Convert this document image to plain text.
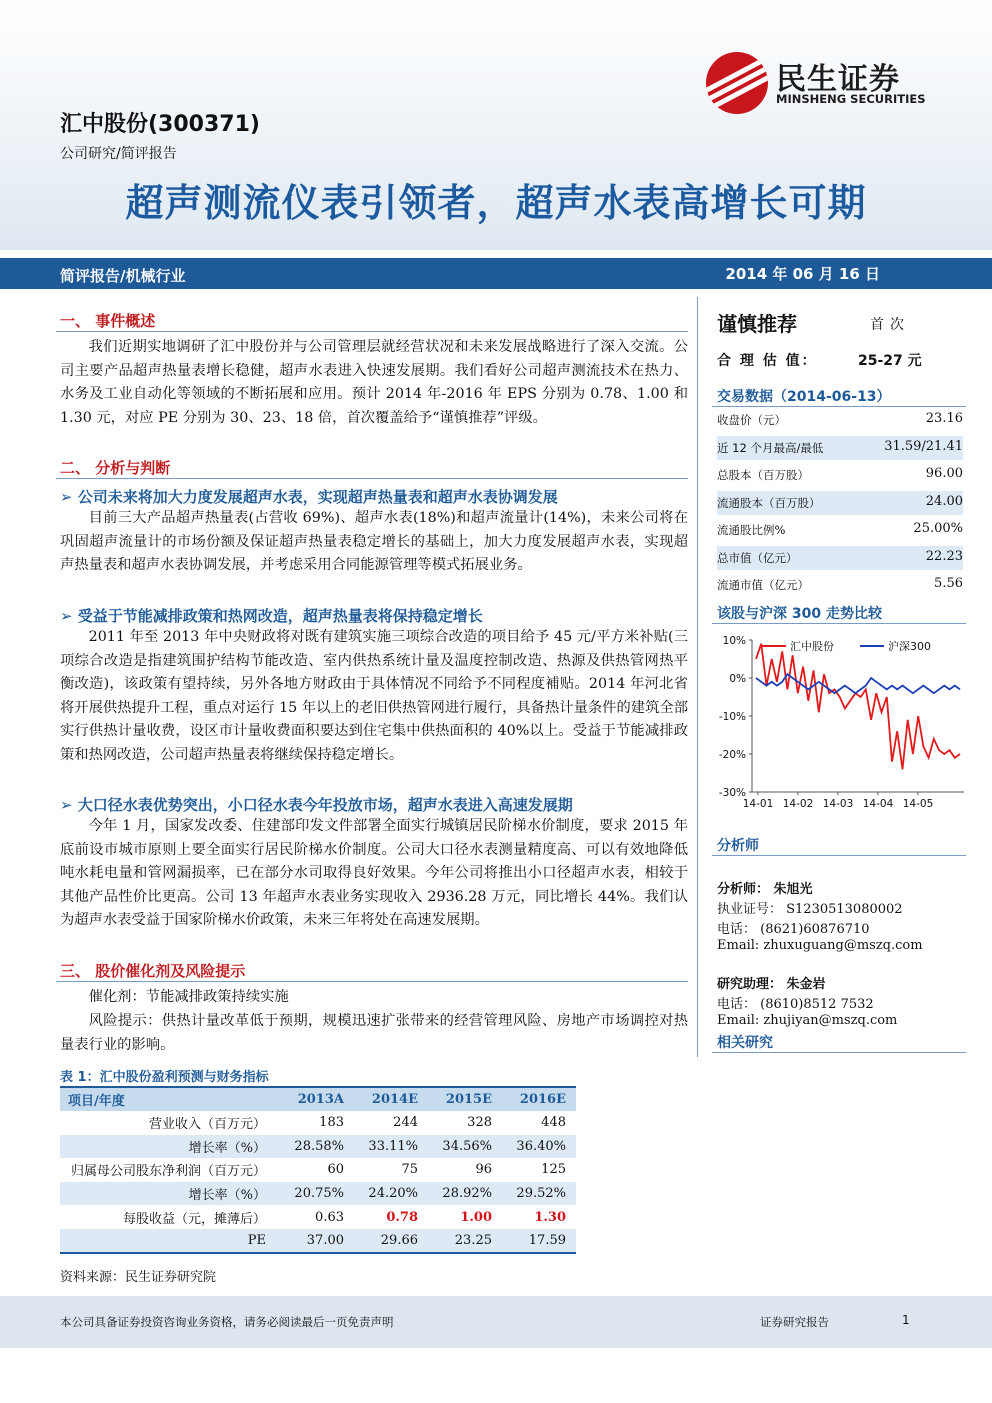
民生证券
MINSHENG SECURITIES
汇中股份(300371)
公司研究/简评报告
超声测流仪表引领者，超声水表高增长可期
简评报告/机械行业	2014 年 06 月 16 日
一、 事件概述
我们近期实地调研了汇中股份并与公司管理层就经营状况和未来发展战略进行了深入交流。公司主要产品超声热量表增长稳健，超声水表进入快速发展期。我们看好公司超声测流技术在热力、水务及工业自动化等领域的不断拓展和应用。预计 2014 年-2016 年 EPS 分别为 0.78、1.00 和 1.30 元，对应 PE 分别为 30、23、18 倍，首次覆盖给予“谨慎推荐”评级。
二、 分析与判断
➢ 公司未来将加大力度发展超声水表，实现超声热量表和超声水表协调发展
目前三大产品超声热量表(占营收 69%)、超声水表(18%)和超声流量计(14%)，未来公司将在巩固超声流量计的市场份额及保证超声热量表稳定增长的基础上，加大力度发展超声水表，实现超声热量表和超声水表协调发展，并考虑采用合同能源管理等模式拓展业务。
➢ 受益于节能减排政策和热网改造，超声热量表将保持稳定增长
2011 年至 2013 年中央财政将对既有建筑实施三项综合改造的项目给予 45 元/平方米补贴(三项综合改造是指建筑围护结构节能改造、室内供热系统计量及温度控制改造、热源及供热管网热平衡改造)，该政策有望持续，另外各地方财政由于具体情况不同给予不同程度補贴。2014 年河北省将开展供热提升工程，重点对运行 15 年以上的老旧供热管网进行履行，具备热计量条件的建筑全部实行供热计量收费，设区市计量收费面积要达到住宅集中供热面积的 40%以上。受益于节能减排政策和热网改造，公司超声热量表将继续保持稳定增长。
➢ 大口径水表优势突出，小口径水表今年投放市场，超声水表进入高速发展期
今年 1 月，国家发改委、住建部印发文件部署全面实行城镇居民阶梯水价制度，要求 2015 年底前设市城市原则上要全面实行居民阶梯水价制度。公司大口径水表测量精度高、可以有效地降低吨水耗电量和管网漏损率，已在部分水司取得良好效果。今年公司将推出小口径超声水表，相较于其他产品性价比更高。公司 13 年超声水表业务实现收入 2936.28 万元，同比增长 44%。我们认为超声水表受益于国家阶梯水价政策，未来三年将处在高速发展期。
三、 股价催化剂及风险提示
催化剂：节能减排政策持续实施
风险提示：供热计量改革低于预期，规模迅速扩张带来的经营管理风险、房地产市场调控对热量表行业的影响。
表 1：汇中股份盈利预测与财务指标
项目/年度	2013A	2014E	2015E	2016E
营业收入（百万元）	183	244	328	448
增长率（%）	28.58%	33.11%	34.56%	36.40%
归属母公司股东净利润（百万元）	60	75	96	125
增长率（%）	20.75%	24.20%	28.92%	29.52%
每股收益（元，摊薄后）	0.63	0.78	1.00	1.30
PE	37.00	29.66	23.25	17.59
资料来源：民生证券研究院
谨慎推荐	首次
合 理 估 值：	25-27 元
交易数据（2014-06-13）
收盘价（元）	23.16
近 12 个月最高/最低	31.59/21.41
总股本（百万股）	96.00
流通股本（百万股）	24.00
流通股比例%	25.00%
总市值（亿元）	22.23
流通市值（亿元）	5.56
该股与沪深 300 走势比较
10%
0%
-10%
-20%
-30%
14-01 14-02 14-03 14-04 14-05
汇中股份	沪深300
分析师
分析师： 朱旭光
执业证号： S1230513080002
电话： (8621)60876710
Email: zhuxuguang@mszq.com
研究助理： 朱金岩
电话： (8610)8512 7532
Email: zhujiyan@mszq.com
相关研究
本公司具备证券投资咨询业务资格，请务必阅读最后一页免责声明	证券研究报告	1
